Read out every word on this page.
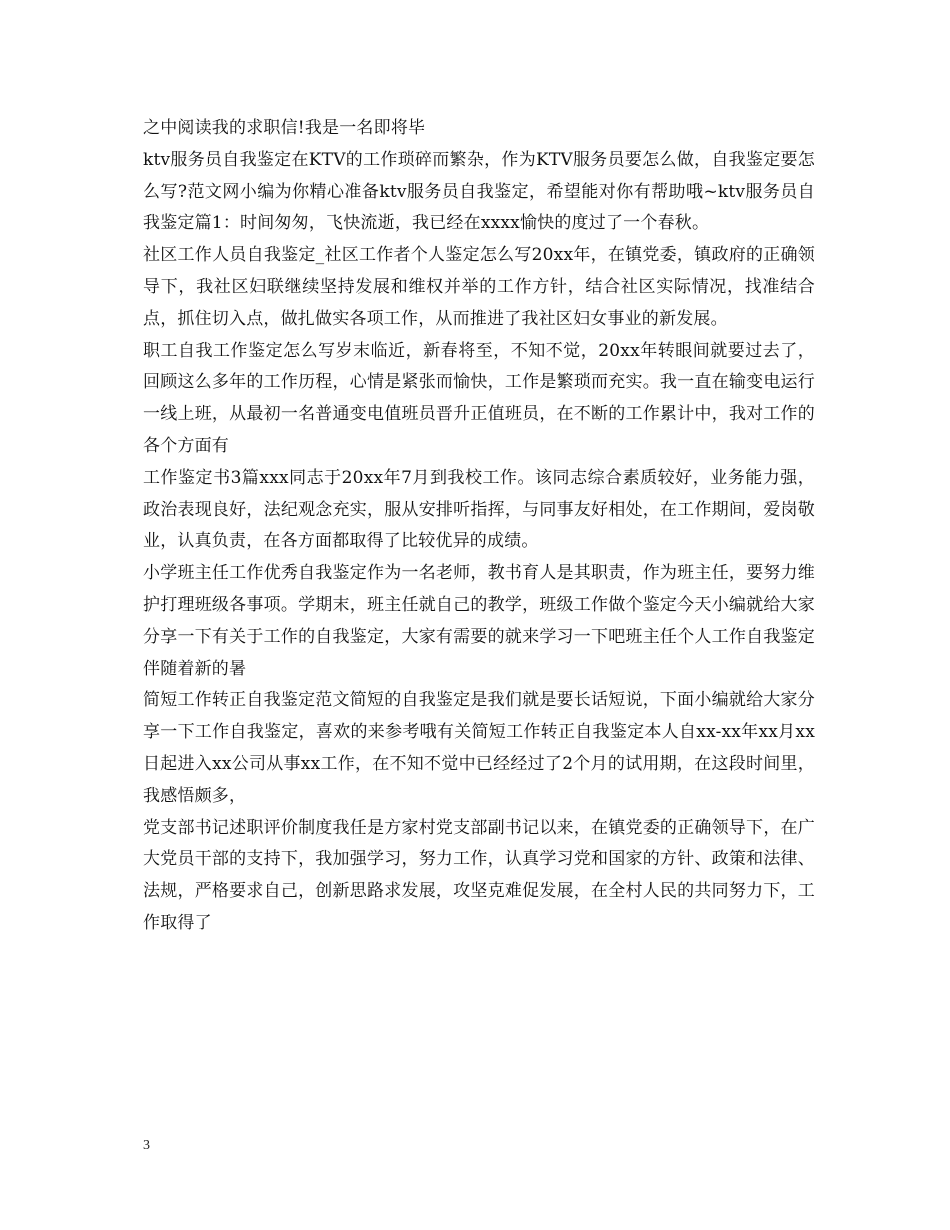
之中阅读我的求职信!我是一名即将毕

ktv服务员自我鉴定在KTV的工作琐碎而繁杂，作为KTV服务员要怎么做，自我鉴定要怎么写?范文网小编为你精心准备ktv服务员自我鉴定，希望能对你有帮助哦~ktv服务员自我鉴定篇1：时间匆匆，飞快流逝，我已经在xxxx愉快的度过了一个春秋。

社区工作人员自我鉴定_社区工作者个人鉴定怎么写20xx年，在镇党委，镇政府的正确领导下，我社区妇联继续坚持发展和维权并举的工作方针，结合社区实际情况，找准结合点，抓住切入点，做扎做实各项工作，从而推进了我社区妇女事业的新发展。

职工自我工作鉴定怎么写岁末临近，新春将至，不知不觉，20xx年转眼间就要过去了，回顾这么多年的工作历程，心情是紧张而愉快，工作是繁琐而充实。我一直在输变电运行一线上班，从最初一名普通变电值班员晋升正值班员，在不断的工作累计中，我对工作的各个方面有

工作鉴定书3篇xxx同志于20xx年7月到我校工作。该同志综合素质较好，业务能力强，政治表现良好，法纪观念充实，服从安排听指挥，与同事友好相处，在工作期间，爱岗敬业，认真负责，在各方面都取得了比较优异的成绩。

小学班主任工作优秀自我鉴定作为一名老师，教书育人是其职责，作为班主任，要努力维护打理班级各事项。学期末，班主任就自己的教学，班级工作做个鉴定今天小编就给大家分享一下有关于工作的自我鉴定，大家有需要的就来学习一下吧班主任个人工作自我鉴定伴随着新的暑

简短工作转正自我鉴定范文简短的自我鉴定是我们就是要长话短说，下面小编就给大家分享一下工作自我鉴定，喜欢的来参考哦有关简短工作转正自我鉴定本人自xx-xx年xx月xx日起进入xx公司从事xx工作，在不知不觉中已经经过了2个月的试用期，在这段时间里，我感悟颇多，

党支部书记述职评价制度我任是方家村党支部副书记以来，在镇党委的正确领导下，在广大党员干部的支持下，我加强学习，努力工作，认真学习党和国家的方针、政策和法律、法规，严格要求自己，创新思路求发展，攻坚克难促发展，在全村人民的共同努力下，工作取得了

3
